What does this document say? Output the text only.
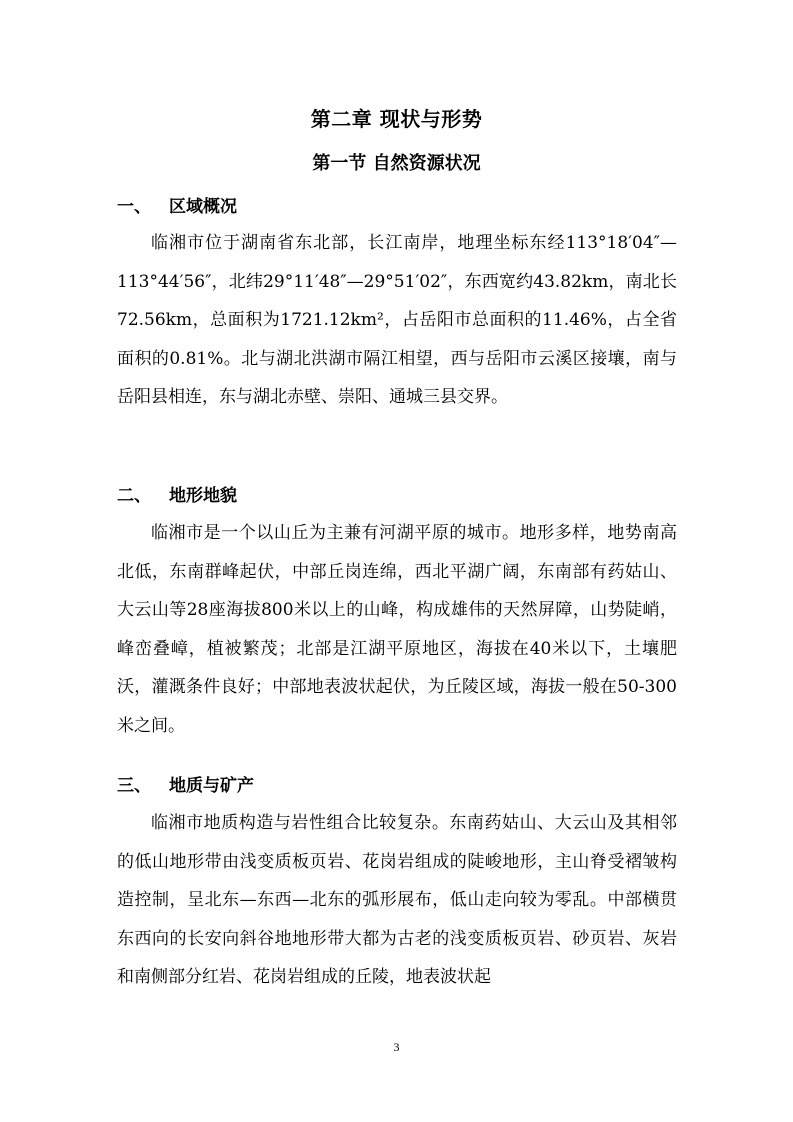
第二章 现状与形势
第一节 自然资源状况
一、 区域概况

临湘市位于湖南省东北部，长江南岸，地理坐标东经113°18′04″—113°44′56″，北纬29°11′48″—29°51′02″，东西宽约43.82km，南北长72.56km，总面积为1721.12km²，占岳阳市总面积的11.46%，占全省面积的0.81%。北与湖北洪湖市隔江相望，西与岳阳市云溪区接壤，南与岳阳县相连，东与湖北赤壁、崇阳、通城三县交界。

二、 地形地貌

临湘市是一个以山丘为主兼有河湖平原的城市。地形多样，地势南高北低，东南群峰起伏，中部丘岗连绵，西北平湖广阔，东南部有药姑山、大云山等28座海拔800米以上的山峰，构成雄伟的天然屏障，山势陡峭，峰峦叠嶂，植被繁茂；北部是江湖平原地区，海拔在40米以下，土壤肥沃，灌溉条件良好；中部地表波状起伏，为丘陵区域，海拔一般在50-300米之间。

三、 地质与矿产

临湘市地质构造与岩性组合比较复杂。东南药姑山、大云山及其相邻的低山地形带由浅变质板页岩、花岗岩组成的陡峻地形，主山脊受褶皱构造控制，呈北东—东西—北东的弧形展布，低山走向较为零乱。中部横贯东西向的长安向斜谷地地形带大都为古老的浅变质板页岩、砂页岩、灰岩和南侧部分红岩、花岗岩组成的丘陵，地表波状起

3
